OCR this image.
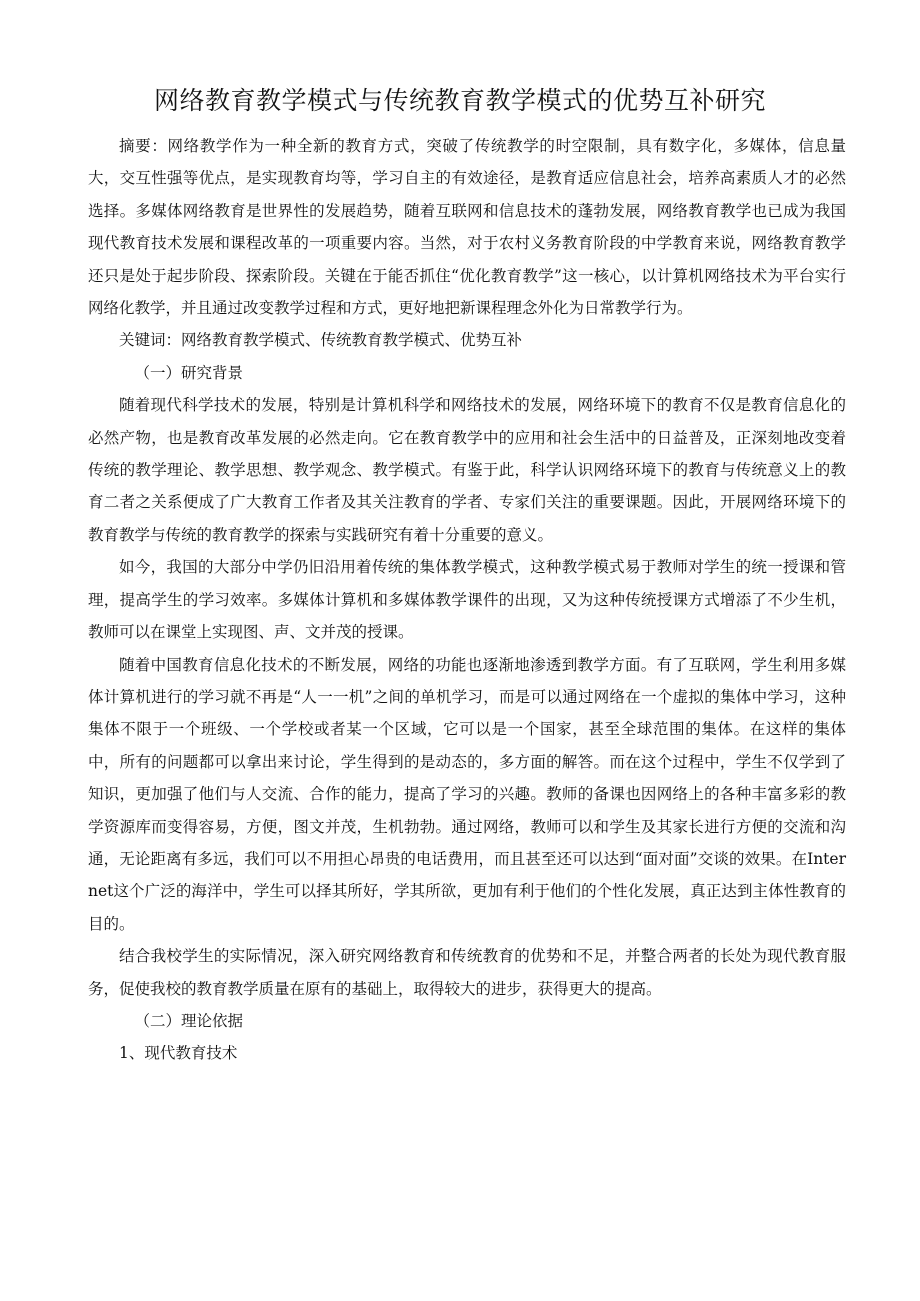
网络教育教学模式与传统教育教学模式的优势互补研究

摘要：网络教学作为一种全新的教育方式，突破了传统教学的时空限制，具有数字化，多媒体，信息量大，交互性强等优点，是实现教育均等，学习自主的有效途径，是教育适应信息社会，培养高素质人才的必然选择。多媒体网络教育是世界性的发展趋势，随着互联网和信息技术的蓬勃发展，网络教育教学也已成为我国现代教育技术发展和课程改革的一项重要内容。当然，对于农村义务教育阶段的中学教育来说，网络教育教学还只是处于起步阶段、探索阶段。关键在于能否抓住“优化教育教学”这一核心，以计算机网络技术为平台实行网络化教学，并且通过改变教学过程和方式，更好地把新课程理念外化为日常教学行为。

关键词：网络教育教学模式、传统教育教学模式、优势互补

（一）研究背景

随着现代科学技术的发展，特别是计算机科学和网络技术的发展，网络环境下的教育不仅是教育信息化的必然产物，也是教育改革发展的必然走向。它在教育教学中的应用和社会生活中的日益普及，正深刻地改变着传统的教学理论、教学思想、教学观念、教学模式。有鉴于此，科学认识网络环境下的教育与传统意义上的教育二者之关系便成了广大教育工作者及其关注教育的学者、专家们关注的重要课题。因此，开展网络环境下的教育教学与传统的教育教学的探索与实践研究有着十分重要的意义。

如今，我国的大部分中学仍旧沿用着传统的集体教学模式，这种教学模式易于教师对学生的统一授课和管理，提高学生的学习效率。多媒体计算机和多媒体教学课件的出现，又为这种传统授课方式增添了不少生机，教师可以在课堂上实现图、声、文并茂的授课。

随着中国教育信息化技术的不断发展，网络的功能也逐渐地渗透到教学方面。有了互联网，学生利用多媒体计算机进行的学习就不再是“人一一机”之间的单机学习，而是可以通过网络在一个虚拟的集体中学习，这种集体不限于一个班级、一个学校或者某一个区域，它可以是一个国家，甚至全球范围的集体。在这样的集体中，所有的问题都可以拿出来讨论，学生得到的是动态的，多方面的解答。而在这个过程中，学生不仅学到了知识，更加强了他们与人交流、合作的能力，提高了学习的兴趣。教师的备课也因网络上的各种丰富多彩的教学资源库而变得容易，方便，图文并茂，生机勃勃。通过网络，教师可以和学生及其家长进行方便的交流和沟通，无论距离有多远，我们可以不用担心昂贵的电话费用，而且甚至还可以达到“面对面”交谈的效果。在Internet这个广泛的海洋中，学生可以择其所好，学其所欲，更加有利于他们的个性化发展，真正达到主体性教育的目的。

结合我校学生的实际情况，深入研究网络教育和传统教育的优势和不足，并整合两者的长处为现代教育服务，促使我校的教育教学质量在原有的基础上，取得较大的进步，获得更大的提高。

（二）理论依据

1、现代教育技术
